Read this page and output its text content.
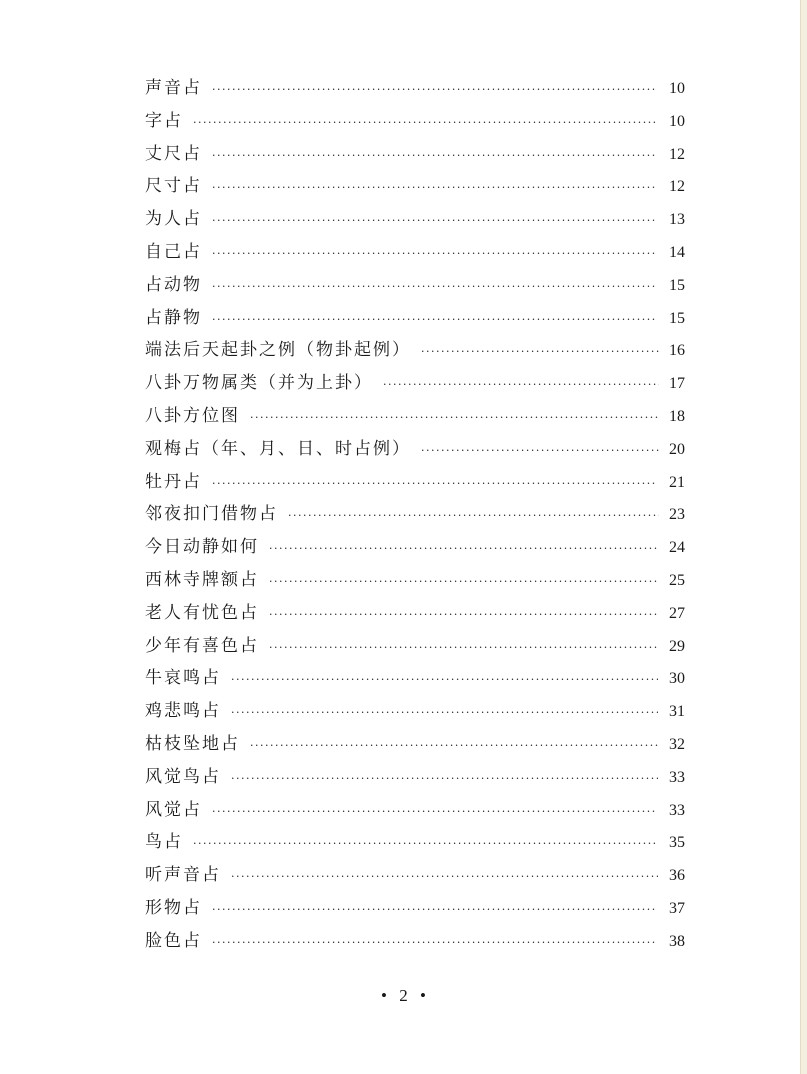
声音占 ·····	10
字占 ·····	10
丈尺占 ·····	12
尺寸占 ·····	12
为人占 ·····	13
自己占 ·····	14
占动物 ·····	15
占静物 ·····	15
端法后天起卦之例（物卦起例） ·····	16
八卦万物属类（并为上卦） ·····	17
八卦方位图 ·····	18
观梅占（年、月、日、时占例） ·····	20
牡丹占 ·····	21
邻夜扣门借物占 ·····	23
今日动静如何 ·····	24
西林寺牌额占 ·····	25
老人有忧色占 ·····	27
少年有喜色占 ·····	29
牛哀鸣占 ·····	30
鸡悲鸣占 ·····	31
枯枝坠地占 ·····	32
风觉鸟占 ·····	33
风觉占 ·····	33
鸟占 ·····	35
听声音占 ·····	36
形物占 ·····	37
脸色占 ·····	38
• 2 •
